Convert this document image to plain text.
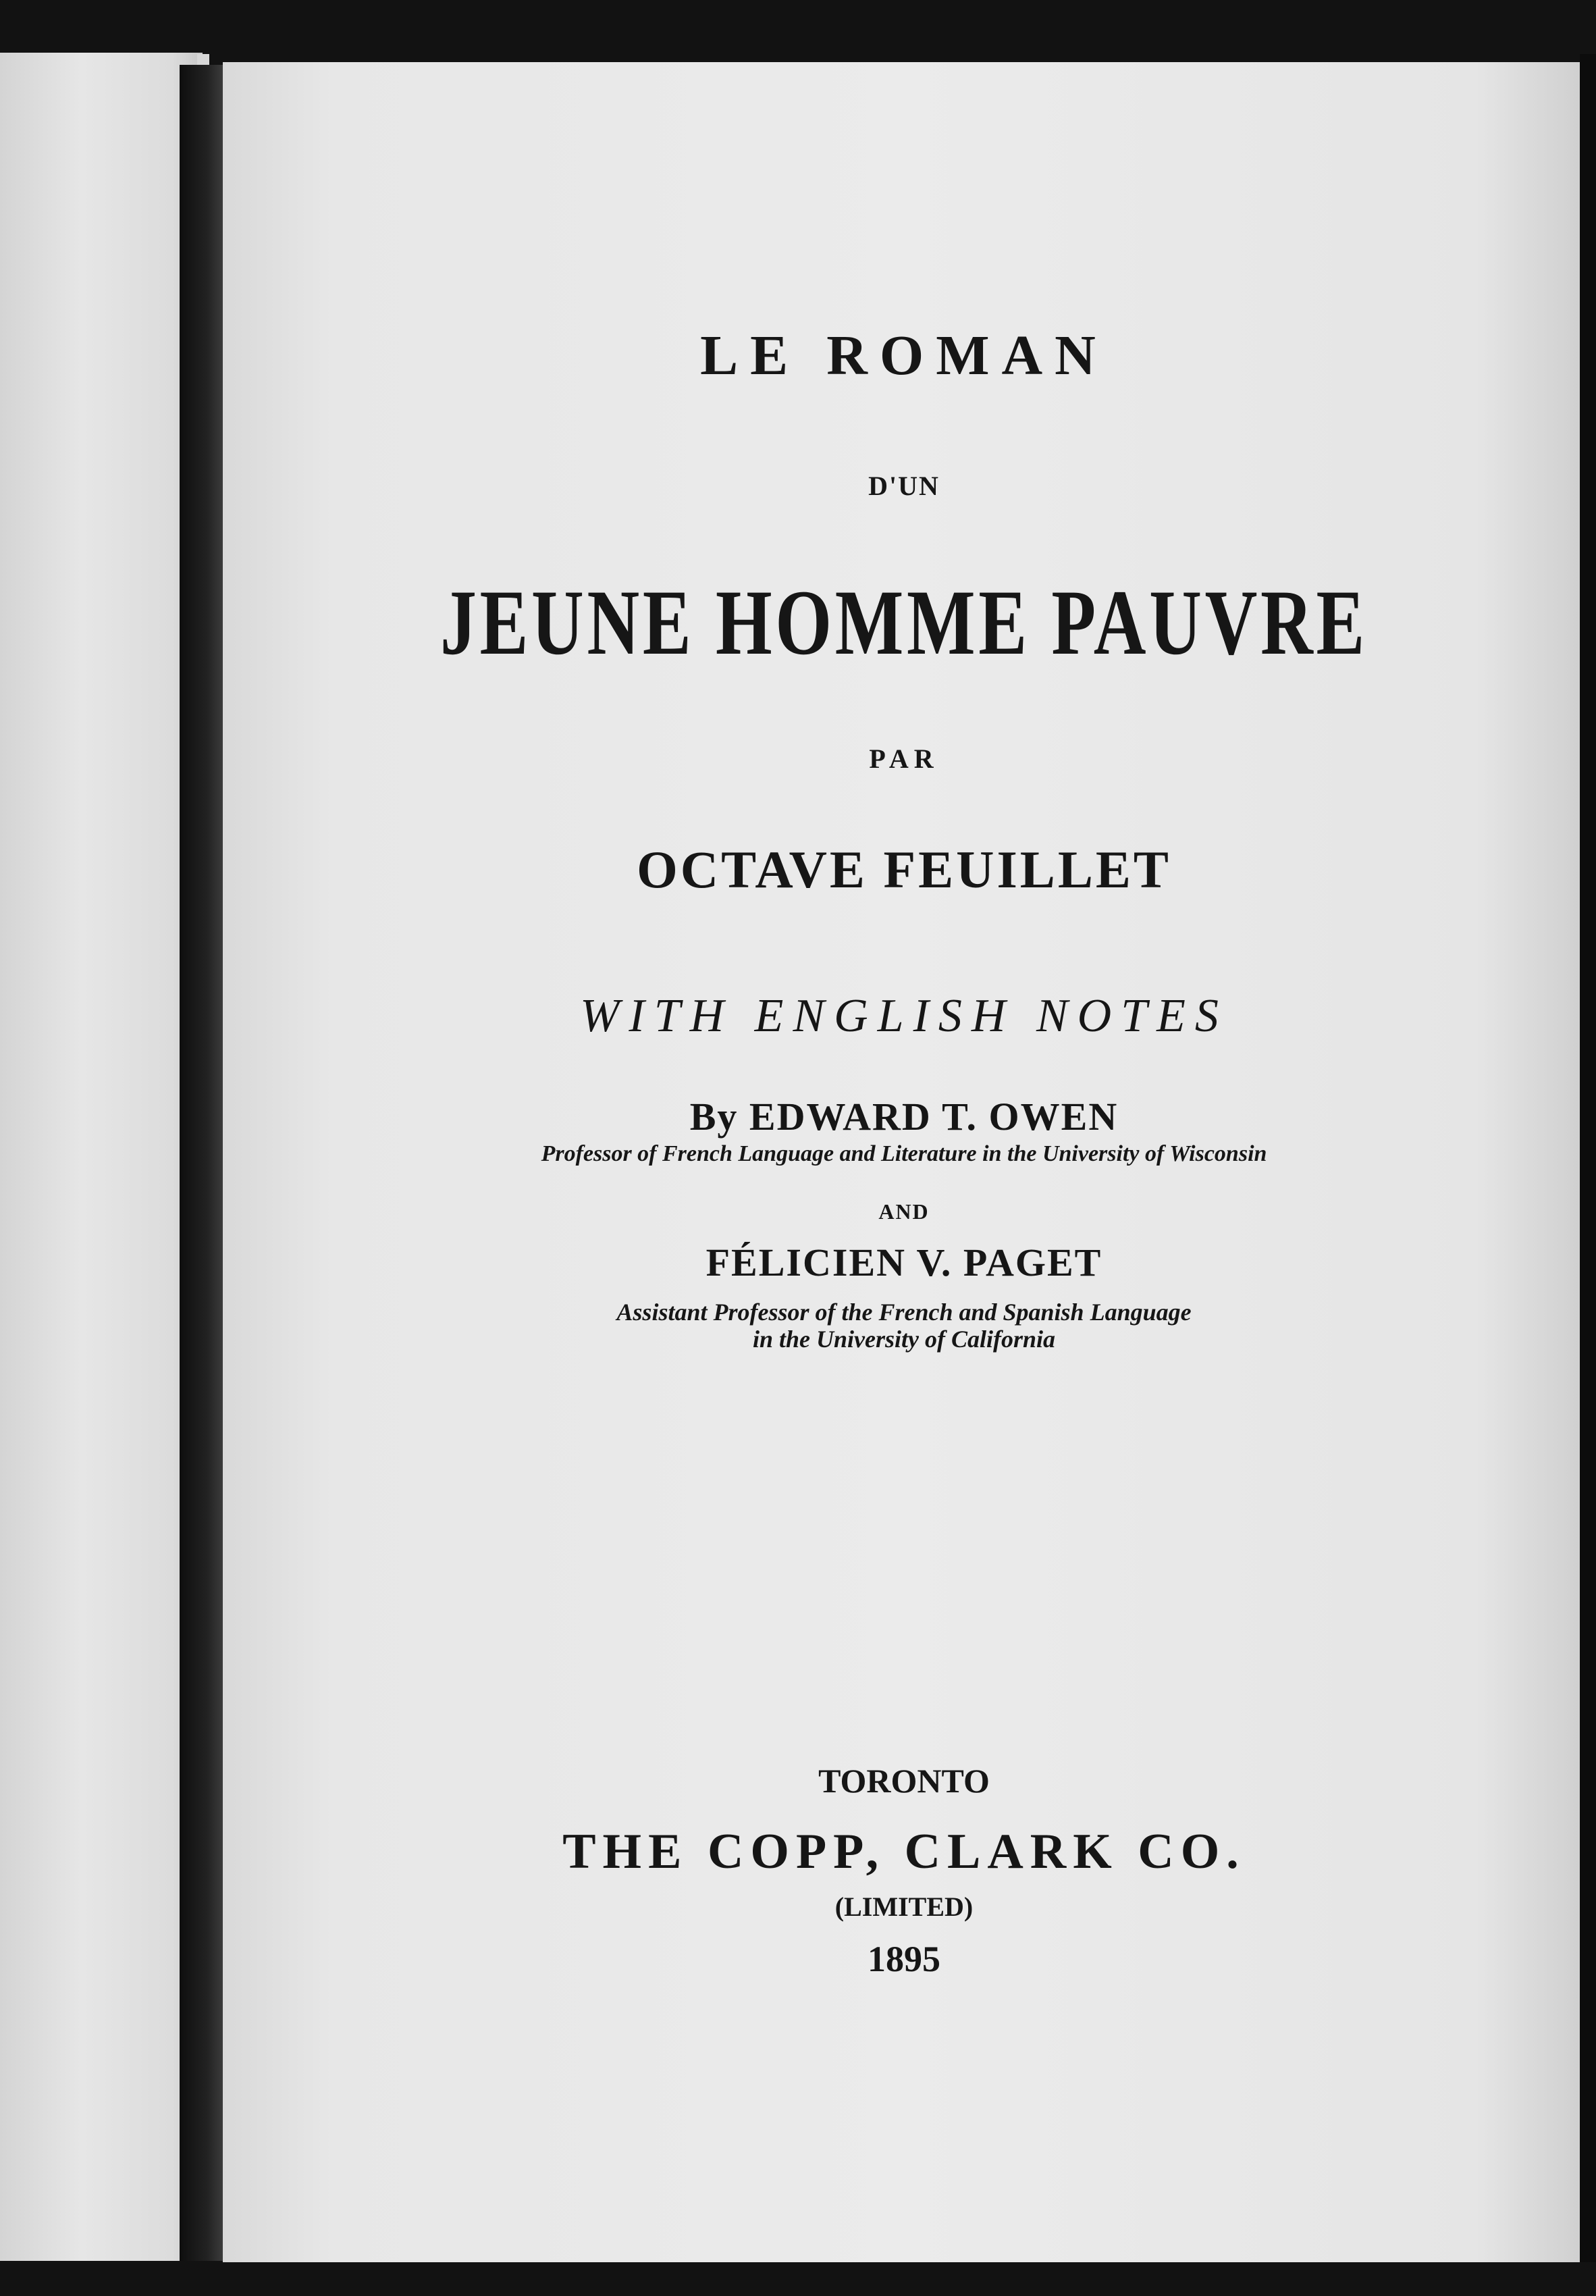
LE ROMAN
D'UN
JEUNE HOMME PAUVRE
PAR
OCTAVE FEUILLET
WITH ENGLISH NOTES
By EDWARD T. OWEN
Professor of French Language and Literature in the University of Wisconsin
AND
FÉLICIEN V. PAGET
Assistant Professor of the French and Spanish Language
in the University of California
TORONTO
THE COPP, CLARK CO.
(LIMITED)
1895
